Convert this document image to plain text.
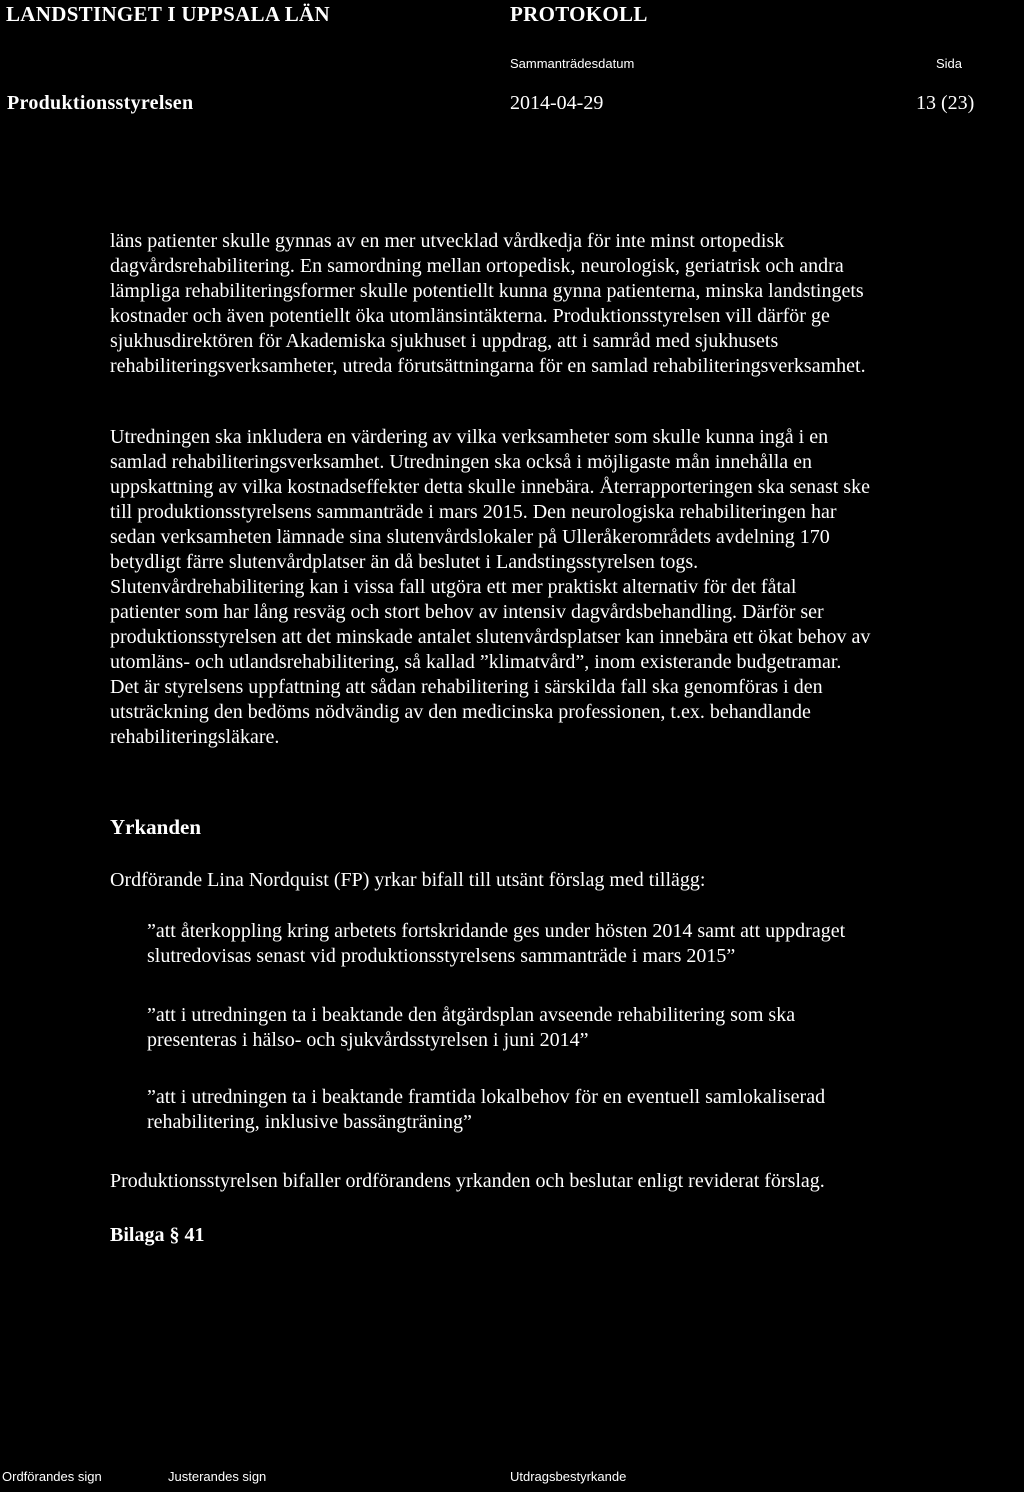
LANDSTINGET I UPPSALA LÄN	PROTOKOLL
Sammanträdesdatum	Sida
Produktionsstyrelsen	2014-04-29	13 (23)
läns patienter skulle gynnas av en mer utvecklad vårdkedja för inte minst ortopedisk
dagvårdsrehabilitering. En samordning mellan ortopedisk, neurologisk, geriatrisk och andra
lämpliga rehabiliteringsformer skulle potentiellt kunna gynna patienterna, minska landstingets
kostnader och även potentiellt öka utomlänsintäkterna. Produktionsstyrelsen vill därför ge
sjukhusdirektören för Akademiska sjukhuset i uppdrag, att i samråd med sjukhusets
rehabiliteringsverksamheter, utreda förutsättningarna för en samlad rehabiliteringsverksamhet.
Utredningen ska inkludera en värdering av vilka verksamheter som skulle kunna ingå i en
samlad rehabiliteringsverksamhet. Utredningen ska också i möjligaste mån innehålla en
uppskattning av vilka kostnadseffekter detta skulle innebära. Återrapporteringen ska senast ske
till produktionsstyrelsens sammanträde i mars 2015. Den neurologiska rehabiliteringen har
sedan verksamheten lämnade sina slutenvårdslokaler på Ulleråkerområdets avdelning 170
betydligt färre slutenvårdplatser än då beslutet i Landstingsstyrelsen togs.
Slutenvårdrehabilitering kan i vissa fall utgöra ett mer praktiskt alternativ för det fåtal
patienter som har lång resväg och stort behov av intensiv dagvårdsbehandling. Därför ser
produktionsstyrelsen att det minskade antalet slutenvårdsplatser kan innebära ett ökat behov av
utomläns- och utlandsrehabilitering, så kallad ”klimatvård”, inom existerande budgetramar.
Det är styrelsens uppfattning att sådan rehabilitering i särskilda fall ska genomföras i den
utsträckning den bedöms nödvändig av den medicinska professionen, t.ex. behandlande
rehabiliteringsläkare.
Yrkanden
Ordförande Lina Nordquist (FP) yrkar bifall till utsänt förslag med tillägg:
”att återkoppling kring arbetets fortskridande ges under hösten 2014 samt att uppdraget
slutredovisas senast vid produktionsstyrelsens sammanträde i mars 2015”
”att i utredningen ta i beaktande den åtgärdsplan avseende rehabilitering som ska
presenteras i hälso- och sjukvårdsstyrelsen i juni 2014”
”att i utredningen ta i beaktande framtida lokalbehov för en eventuell samlokaliserad
rehabilitering, inklusive bassängträning”
Produktionsstyrelsen bifaller ordförandens yrkanden och beslutar enligt reviderat förslag.
Bilaga § 41
Ordförandes sign	Justerandes sign	Utdragsbestyrkande
